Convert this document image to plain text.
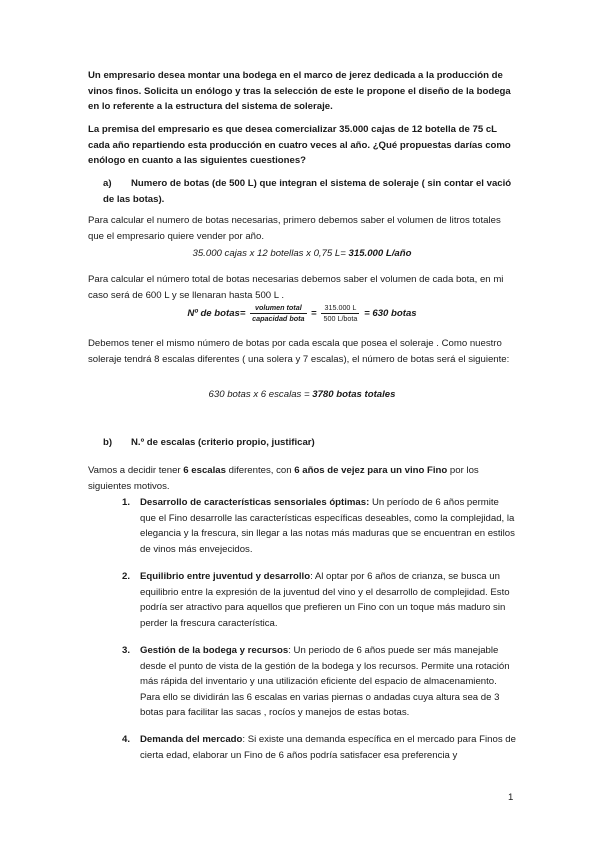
Un empresario desea montar una bodega en el marco de jerez dedicada a la producción de vinos finos. Solicita un enólogo y tras la selección de este le propone el diseño de la bodega en lo referente a la estructura del sistema de soleraje.
La premisa del empresario es que desea comercializar 35.000 cajas de 12 botella de 75 cL cada año repartiendo esta producción en cuatro veces al año. ¿Qué propuestas darías como enólogo en cuanto a las siguientes cuestiones?
a) Numero de botas (de 500 L) que integran el sistema de soleraje ( sin contar el vació de las botas).
Para calcular el numero de botas necesarias, primero debemos saber el volumen de litros totales que el empresario quiere vender por año.
35.000 cajas x 12 botellas x 0,75 L= 315.000 L/año
Para calcular el número total de botas necesarias debemos saber el volumen de cada bota, en mi caso será de 600 L y se llenaran hasta 500 L .
Nº de botas= $\frac{\text{volumen total}}{\text{capacidad bota}} = \frac{315.000 L}{\text{500 L/bota}} = 630$ botas
Debemos tener el mismo número de botas por cada escala que posea el soleraje . Como nuestro soleraje tendrá 8 escalas diferentes ( una solera y 7 escalas), el número de botas será el siguiente:
630 botas x 6 escalas = 3780 botas totales
b) N.º de escalas (criterio propio, justificar)
Vamos a decidir tener 6 escalas diferentes, con 6 años de vejez para un vino Fino por los siguientes motivos.
1. Desarrollo de características sensoriales óptimas: Un período de 6 años permite que el Fino desarrolle las características específicas deseables, como la complejidad, la elegancia y la frescura, sin llegar a las notas más maduras que se encuentran en estilos de vinos más envejecidos.
2. Equilibrio entre juventud y desarrollo: Al optar por 6 años de crianza, se busca un equilibrio entre la expresión de la juventud del vino y el desarrollo de complejidad. Esto podría ser atractivo para aquellos que prefieren un Fino con un toque más maduro sin perder la frescura característica.
3. Gestión de la bodega y recursos: Un periodo de 6 años puede ser más manejable desde el punto de vista de la gestión de la bodega y los recursos. Permite una rotación más rápida del inventario y una utilización eficiente del espacio de almacenamiento. Para ello se dividirán las 6 escalas en varias piernas o andadas cuya altura sea de 3 botas para facilitar las sacas , rocíos y manejos de estas botas.
4. Demanda del mercado: Si existe una demanda específica en el mercado para Finos de cierta edad, elaborar un Fino de 6 años podría satisfacer esa preferencia y
1
